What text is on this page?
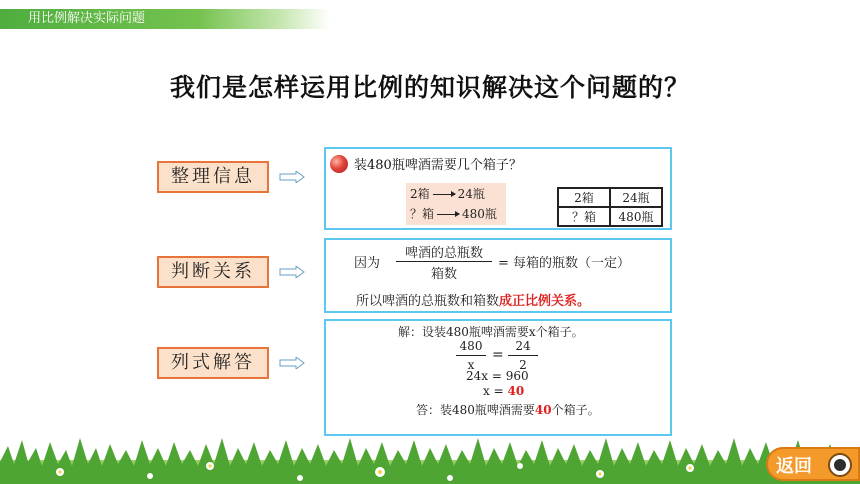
用比例解决实际问题
我们是怎样运用比例的知识解决这个问题的？
整理信息
判断关系
列式解答
装480瓶啤酒需要几个箱子？
2箱 24瓶
？箱 480瓶
2箱	24瓶
？箱	480瓶
因为
啤酒的总瓶数
箱数
= 每箱的瓶数（一定）
所以啤酒的总瓶数和箱数成正比例关系。
解：设装480瓶啤酒需要x个箱子。
480
x
=
24
2
24x = 960
x = 40
答：装480瓶啤酒需要40个箱子。
返回
